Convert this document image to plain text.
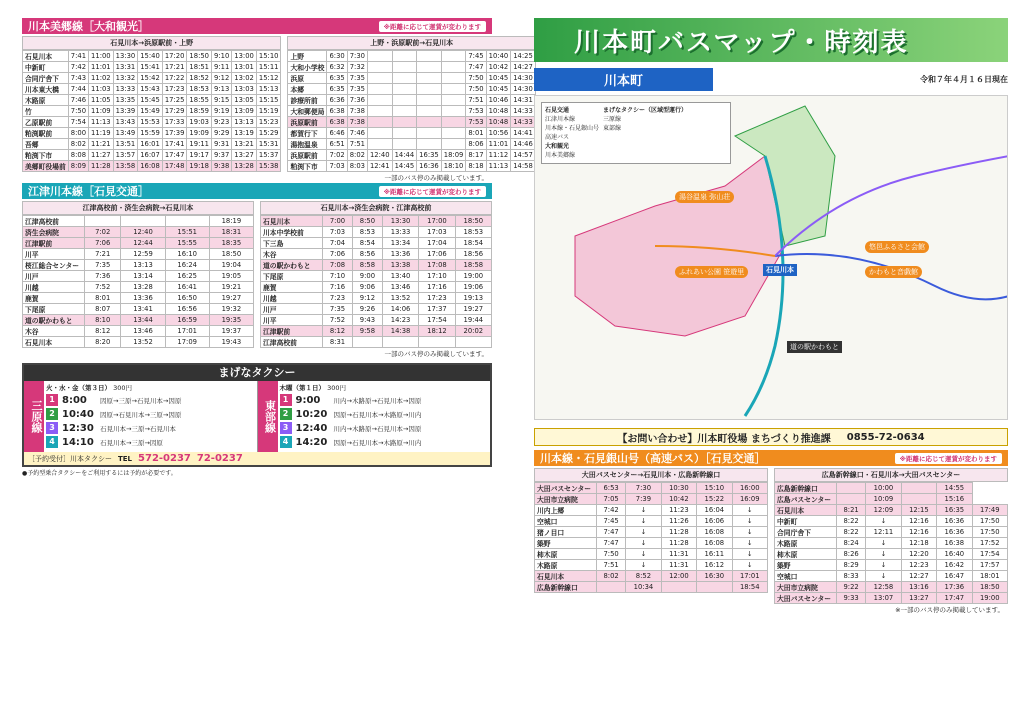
川本美郷線［大和観光］	※距離に応じて運賃が変わります
石見川本→浜原駅前・上野
石見川本	7:41	11:00	13:30	15:40	17:20	18:50	9:10	13:00	15:10
中新町	7:42	11:01	13:31	15:41	17:21	18:51	9:11	13:01	15:11
合同庁舎下	7:43	11:02	13:32	15:42	17:22	18:52	9:12	13:02	15:12
川本東大橋	7:44	11:03	13:33	15:43	17:23	18:53	9:13	13:03	15:13
木路原	7:46	11:05	13:35	15:45	17:25	18:55	9:15	13:05	15:15
竹	7:50	11:09	13:39	15:49	17:29	18:59	9:19	13:09	15:19
乙原駅前	7:54	11:13	13:43	15:53	17:33	19:03	9:23	13:13	15:23
粕渕駅前	8:00	11:19	13:49	15:59	17:39	19:09	9:29	13:19	15:29
吾郷	8:02	11:21	13:51	16:01	17:41	19:11	9:31	13:21	15:31
粕渕下市	8:08	11:27	13:57	16:07	17:47	19:17	9:37	13:27	15:37
美郷町役場前	8:09	11:28	13:58	16:08	17:48	19:18	9:38	13:28	15:38
上野・浜原駅前→石見川本
上野	6:30	7:30					7:45	10:40	14:25
大和小学校	6:32	7:32					7:47	10:42	14:27
浜原	6:35	7:35					7:50	10:45	14:30
本郷	6:35	7:35					7:50	10:45	14:30
診療所前	6:36	7:36					7:51	10:46	14:31
大和郵便局	6:38	7:38					7:53	10:48	14:33
浜原駅前	6:38	7:38					7:53	10:48	14:33
都賀行下	6:46	7:46					8:01	10:56	14:41
湯抱温泉	6:51	7:51					8:06	11:01	14:46
浜原駅前	7:02	8:02	12:40	14:44	16:35	18:09	8:17	11:12	14:57
粕渕下市	7:03	8:03	12:41	14:45	16:36	18:10	8:18	11:13	14:58
一部のバス停のみ掲載しています。
江津川本線［石見交通］	※距離に応じて運賃が変わります
江津高校前・済生会病院→石見川本
江津高校前				18:19
済生会病院	7:02	12:40	15:51	18:31
江津駅前	7:06	12:44	15:55	18:35
川平	7:21	12:59	16:10	18:50
桜江総合センター	7:35	13:13	16:24	19:04
川戸	7:36	13:14	16:25	19:05
川越	7:52	13:28	16:41	19:21
鹿賀	8:01	13:36	16:50	19:27
下尾原	8:07	13:41	16:56	19:32
道の駅かわもと	8:10	13:44	16:59	19:35
木谷	8:12	13:46	17:01	19:37
石見川本	8:20	13:52	17:09	19:43
石見川本→済生会病院・江津高校前
石見川本	7:00	8:50	13:30	17:00	18:50
川本中学校前	7:03	8:53	13:33	17:03	18:53
下三島	7:04	8:54	13:34	17:04	18:54
木谷	7:06	8:56	13:36	17:06	18:56
道の駅かわもと	7:08	8:58	13:38	17:08	18:58
下尾原	7:10	9:00	13:40	17:10	19:00
鹿賀	7:16	9:06	13:46	17:16	19:06
川越	7:23	9:12	13:52	17:23	19:13
川戸	7:35	9:26	14:06	17:37	19:27
川平	7:52	9:43	14:23	17:54	19:44
江津駅前	8:12	9:58	14:38	18:12	20:02
江津高校前	8:31				
一部のバス停のみ掲載しています。
まげなタクシー
三原線
火・水・金（第３日） 300円
1 8:00	因原→三原→石見川本→因原
2 10:40 因原→石見川本→三原→因原
3 12:30 石見川本→三原→石見川本
4 14:10 石見川本→三原→因原
東部線
木曜（第１日） 300円
1 9:00	川内→木路原→石見川本→因原
2 10:20 因原→石見川本→木路原→川内
3 12:40 川内→木路原→石見川本→因原
4 14:20 因原→石見川本→木路原→川内
［予約受付］川本タクシー TEL 572-0237 72-0237
●予約型乗合タクシーをご利用するには予約が必要です。
川本町バスマップ・時刻表
川本町	令和７年４月１６日現在
石見交通
江津川本線
川本線・石見銀山号
高速バス
大和観光
川本美郷線
まげなタクシー（区域型運行）
三原線
東部線
石見川本
道の駅かわもと
悠邑ふるさと会館
かわもと音戯館
湯谷温泉 弥山荘
ふれあい公園 笹遊里
【お問い合わせ】川本町役場 まちづくり推進課 0855-72-0634
川本線・石見銀山号（高速バス）［石見交通］	※距離に応じて運賃が変わります
大田バスセンター→石見川本・広島新幹線口
大田バスセンター	6:53	7:30	10:30	15:10	16:00
大田市立病院	7:05	7:39	10:42	15:22	16:09
川内上郷	7:42	↓	11:23	16:04	↓
空城口	7:45	↓	11:26	16:06	↓
猪ノ目口	7:47	↓	11:28	16:08	↓
築野	7:47	↓	11:28	16:08	↓
柿木原	7:50	↓	11:31	16:11	↓
木路原	7:51	↓	11:31	16:12	↓
石見川本	8:02	8:52	12:00	16:30	17:01
広島新幹線口		10:34			18:54
広島新幹線口・石見川本→大田バスセンター
広島新幹線口		10:00		14:55	
広島バスセンター		10:09		15:16	
石見川本	8:21	12:09	12:15	16:35	17:49
中新町	8:22	↓	12:16	16:36	17:50
合同庁舎下	8:22	12:11	12:16	16:36	17:50
木路原	8:24	↓	12:18	16:38	17:52
柿木原	8:26	↓	12:20	16:40	17:54
築野	8:29	↓	12:23	16:42	17:57
空城口	8:33	↓	12:27	16:47	18:01
大田市立病院	9:22	12:58	13:16	17:36	18:50
大田バスセンター	9:33	13:07	13:27	17:47	19:00
※一部のバス停のみ掲載しています。
